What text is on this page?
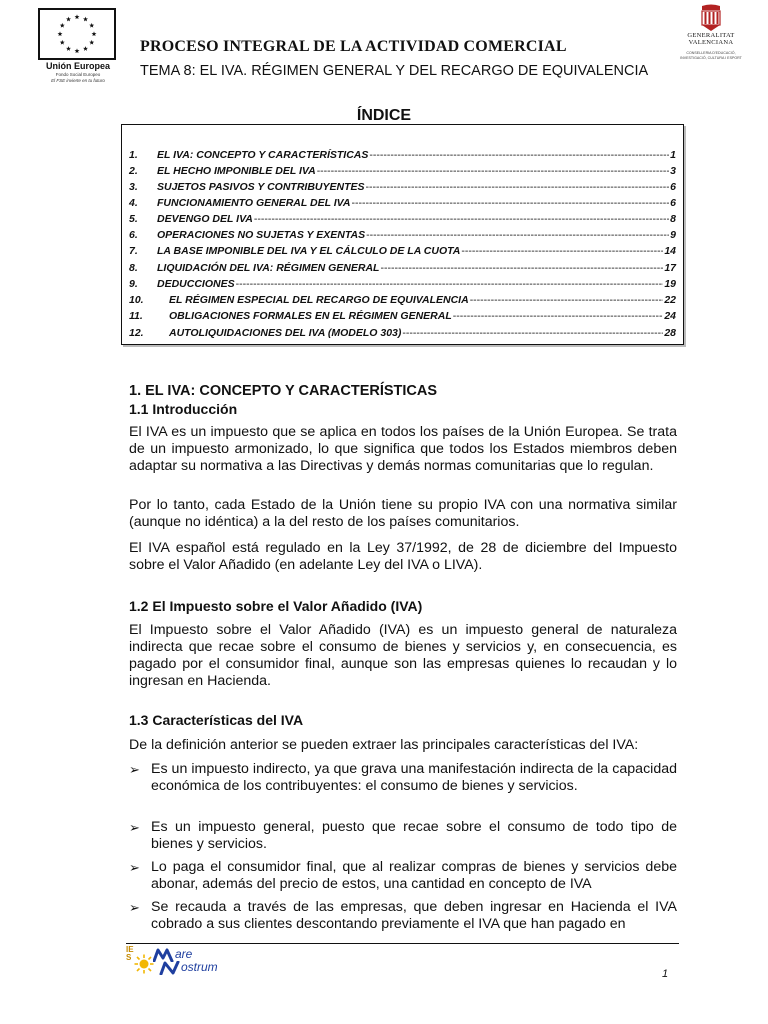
Unión Europea
Fondo Social Europeo
El FSE invierte en tu futuro
PROCESO INTEGRAL DE LA ACTIVIDAD COMERCIAL
TEMA 8: EL IVA. RÉGIMEN GENERAL Y DEL RECARGO DE EQUIVALENCIA
GENERALITAT
VALENCIANA
CONSELLERIA D'EDUCACIÓ, INVESTIGACIÓ, CULTURA I ESPORT
ÍNDICE
1.	EL IVA: CONCEPTO Y CARACTERÍSTICAS -----	1
2.	EL HECHO IMPONIBLE DEL IVA -----	3
3.	SUJETOS PASIVOS Y CONTRIBUYENTES -----	6
4.	FUNCIONAMIENTO GENERAL DEL IVA -----	6
5.	DEVENGO DEL IVA -----	8
6.	OPERACIONES NO SUJETAS Y EXENTAS -----	9
7.	LA BASE IMPONIBLE DEL IVA Y EL CÁLCULO DE LA CUOTA -----	14
8.	LIQUIDACIÓN DEL IVA: RÉGIMEN GENERAL -----	17
9.	DEDUCCIONES -----	19
10.	EL RÉGIMEN ESPECIAL DEL RECARGO DE EQUIVALENCIA -----	22
11.	OBLIGACIONES FORMALES EN EL RÉGIMEN GENERAL -----	24
12.	AUTOLIQUIDACIONES DEL IVA (MODELO 303) -----	28
1. EL IVA: CONCEPTO Y CARACTERÍSTICAS
1.1 Introducción
El IVA es un impuesto que se aplica en todos los países de la Unión Europea. Se trata de un impuesto armonizado, lo que significa que todos los Estados miembros deben adaptar su normativa a las Directivas y demás normas comunitarias que lo regulan.
Por lo tanto, cada Estado de la Unión tiene su propio IVA con una normativa similar (aunque no idéntica) a la del resto de los países comunitarios.
El IVA español está regulado en la Ley 37/1992, de 28 de diciembre del Impuesto sobre el Valor Añadido (en adelante Ley del IVA o LIVA).
1.2 El Impuesto sobre el Valor Añadido (IVA)
El Impuesto sobre el Valor Añadido (IVA) es un impuesto general de naturaleza indirecta que recae sobre el consumo de bienes y servicios y, en consecuencia, es pagado por el consumidor final, aunque son las empresas quienes lo recaudan y lo ingresan en Hacienda.
1.3 Características del IVA
De la definición anterior se pueden extraer las principales características del IVA:
➢ Es un impuesto indirecto, ya que grava una manifestación indirecta de la capacidad económica de los contribuyentes: el consumo de bienes y servicios.
➢ Es un impuesto general, puesto que recae sobre el consumo de todo tipo de bienes y servicios.
➢ Lo paga el consumidor final, que al realizar compras de bienes y servicios debe abonar, además del precio de estos, una cantidad en concepto de IVA
➢ Se recauda a través de las empresas, que deben ingresar en Hacienda el IVA cobrado a sus clientes descontando previamente el IVA que han pagado en
IES	are
ostrum	1
